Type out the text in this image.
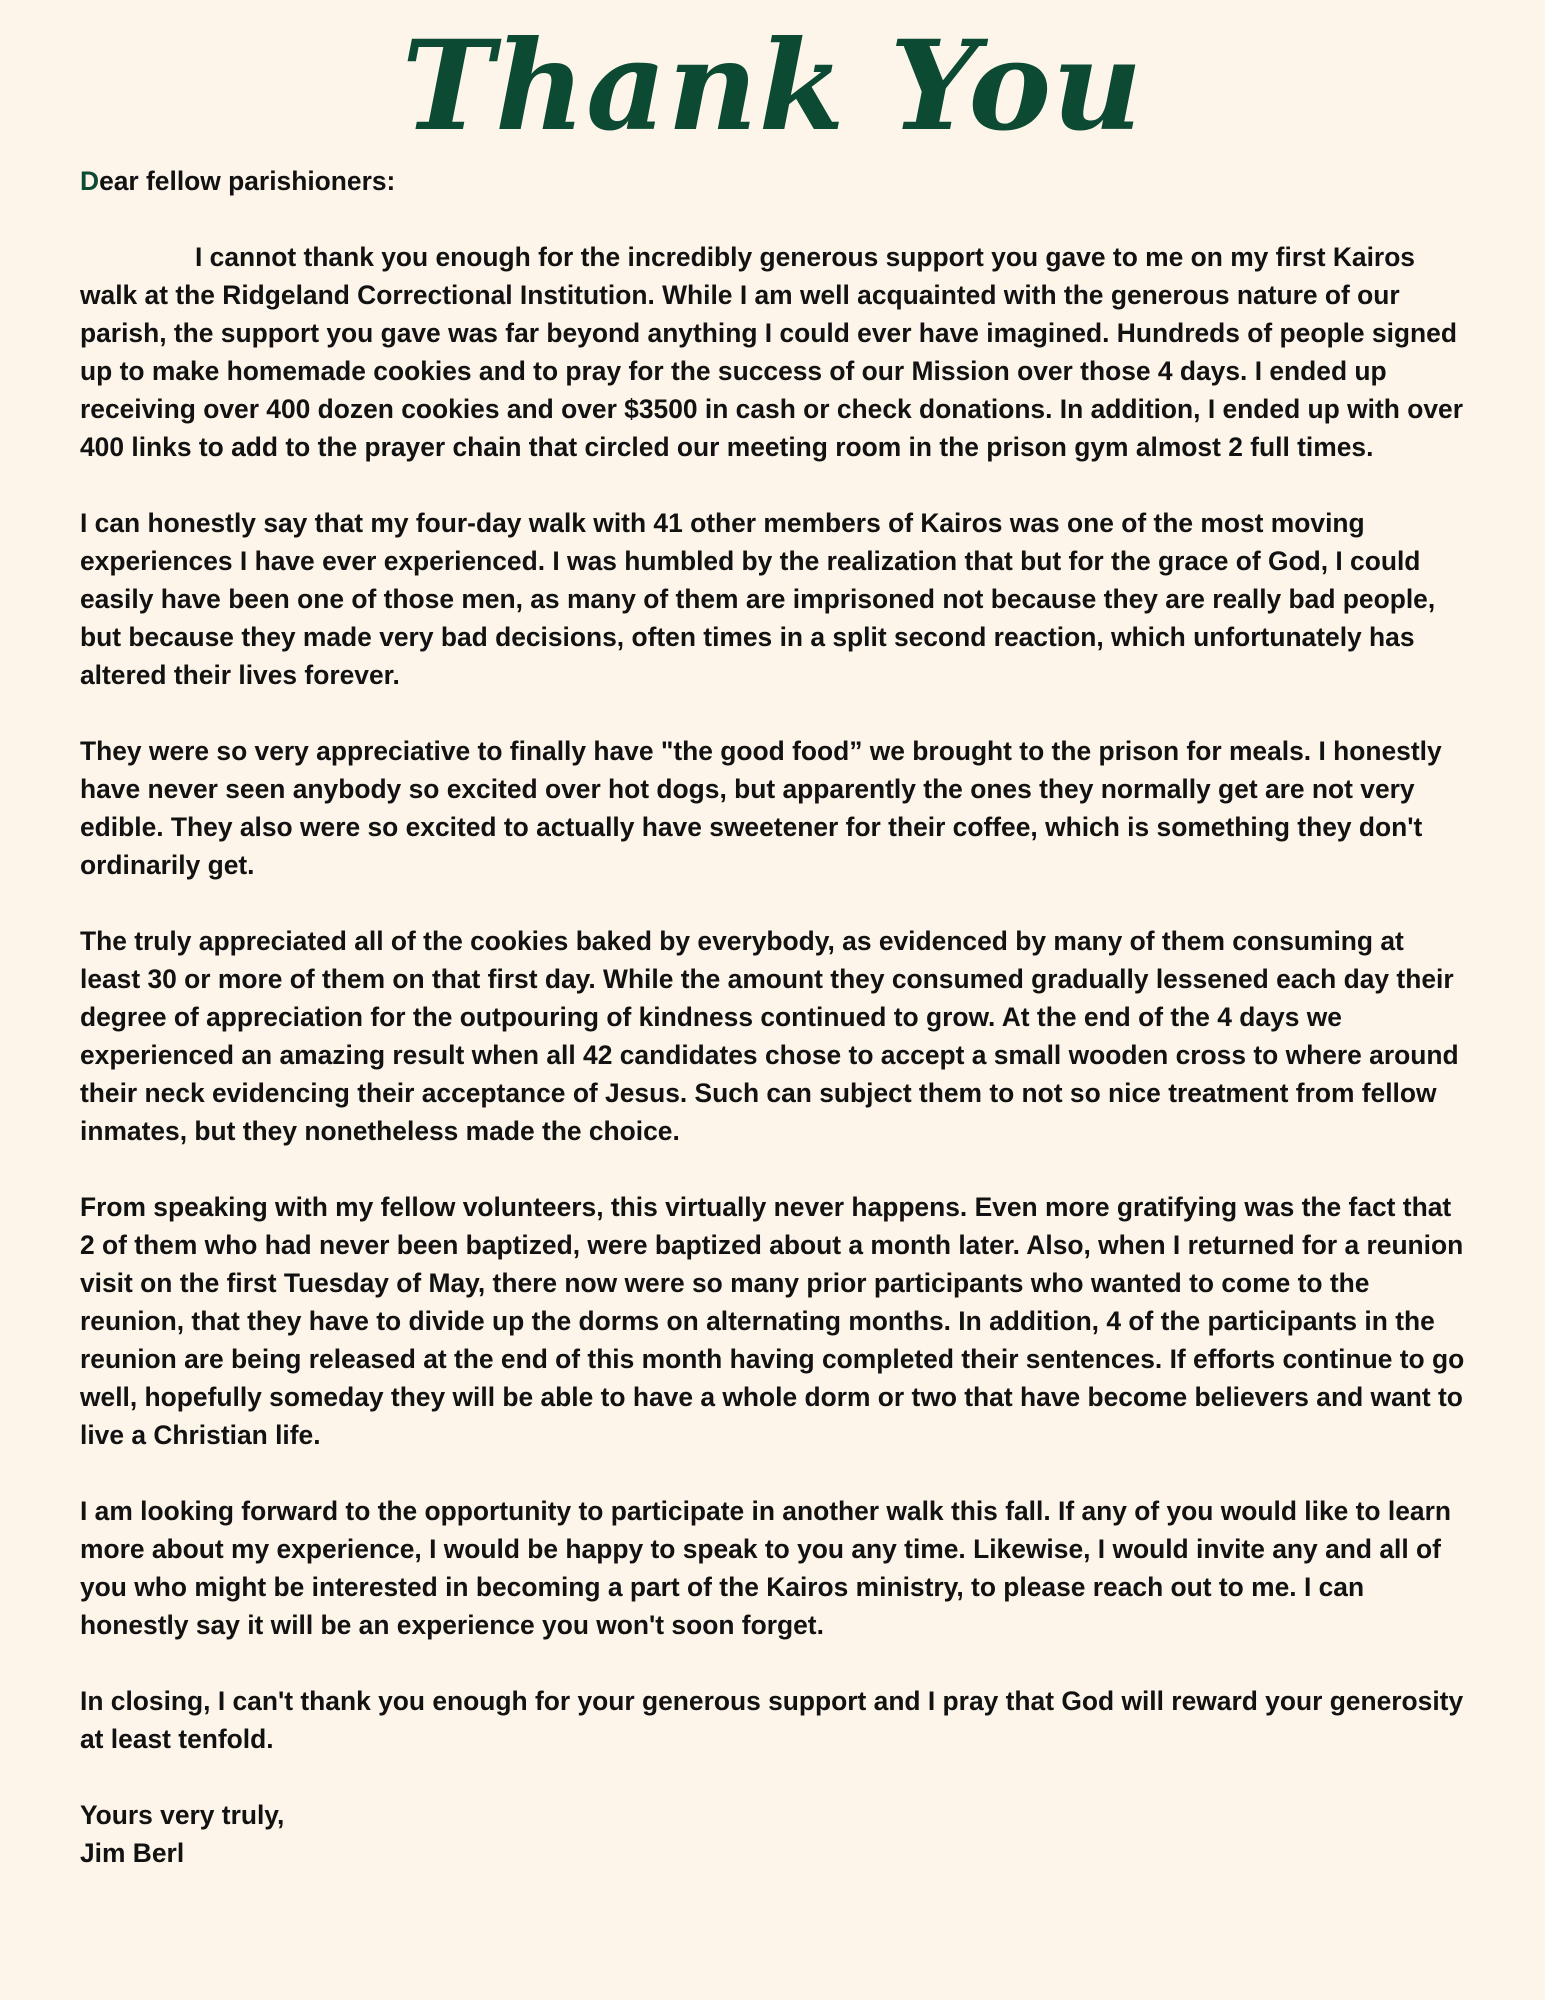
Thank You

Dear fellow parishioners:

I cannot thank you enough for the incredibly generous support you gave to me on my first Kairos walk at the Ridgeland Correctional Institution. While I am well acquainted with the generous nature of our parish, the support you gave was far beyond anything I could ever have imagined. Hundreds of people signed up to make homemade cookies and to pray for the success of our Mission over those 4 days. I ended up receiving over 400 dozen cookies and over $3500 in cash or check donations. In addition, I ended up with over 400 links to add to the prayer chain that circled our meeting room in the prison gym almost 2 full times.

I can honestly say that my four-day walk with 41 other members of Kairos was one of the most moving experiences I have ever experienced. I was humbled by the realization that but for the grace of God, I could easily have been one of those men, as many of them are imprisoned not because they are really bad people, but because they made very bad decisions, often times in a split second reaction, which unfortunately has altered their lives forever.

They were so very appreciative to finally have "the good food” we brought to the prison for meals. I honestly have never seen anybody so excited over hot dogs, but apparently the ones they normally get are not very edible. They also were so excited to actually have sweetener for their coffee, which is something they don't ordinarily get.

The truly appreciated all of the cookies baked by everybody, as evidenced by many of them consuming at least 30 or more of them on that first day. While the amount they consumed gradually lessened each day their degree of appreciation for the outpouring of kindness continued to grow. At the end of the 4 days we experienced an amazing result when all 42 candidates chose to accept a small wooden cross to where around their neck evidencing their acceptance of Jesus. Such can subject them to not so nice treatment from fellow inmates, but they nonetheless made the choice.

From speaking with my fellow volunteers, this virtually never happens. Even more gratifying was the fact that 2 of them who had never been baptized, were baptized about a month later. Also, when I returned for a reunion visit on the first Tuesday of May, there now were so many prior participants who wanted to come to the reunion, that they have to divide up the dorms on alternating months. In addition, 4 of the participants in the reunion are being released at the end of this month having completed their sentences. If efforts continue to go well, hopefully someday they will be able to have a whole dorm or two that have become believers and want to live a Christian life.

I am looking forward to the opportunity to participate in another walk this fall. If any of you would like to learn more about my experience, I would be happy to speak to you any time. Likewise, I would invite any and all of you who might be interested in becoming a part of the Kairos ministry, to please reach out to me. I can honestly say it will be an experience you won't soon forget.

In closing, I can't thank you enough for your generous support and I pray that God will reward your generosity at least tenfold.

Yours very truly,

Jim Berl
